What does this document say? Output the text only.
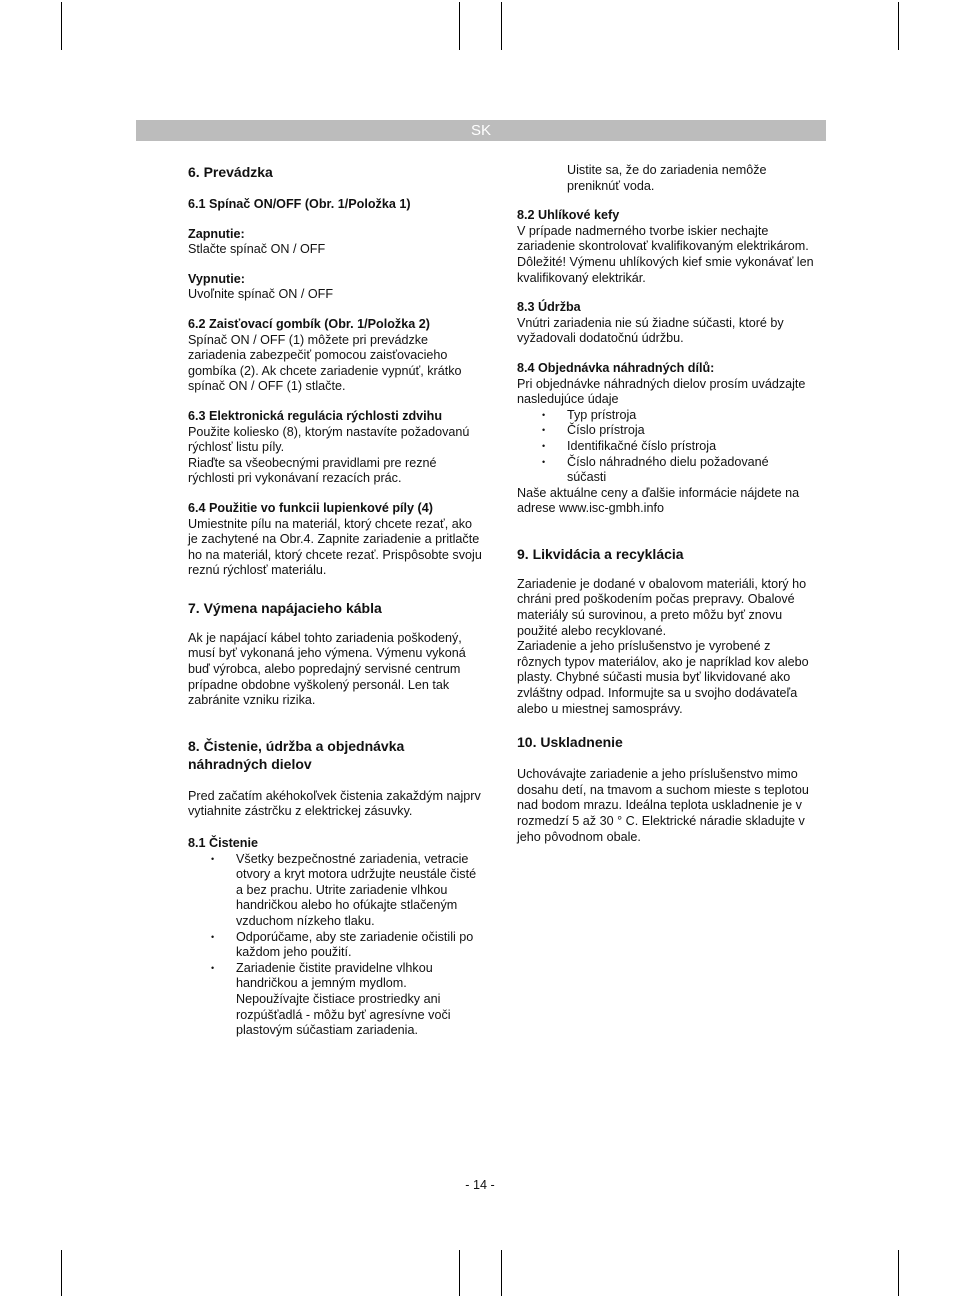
SK

6. Prevádzka

6.1 Spínač ON/OFF (Obr. 1/Položka 1)

Zapnutie:

Stlačte spínač ON / OFF

Vypnutie:

Uvoľnite spínač ON / OFF

6.2 Zaisťovací gombík (Obr. 1/Položka 2)

Spínač ON / OFF (1) môžete pri prevádzke zariadenia zabezpečiť pomocou zaisťovacieho gombíka (2). Ak chcete zariadenie vypnúť, krátko spínač ON / OFF (1) stlačte.

6.3 Elektronická regulácia rýchlosti zdvihu

Použite koliesko (8), ktorým nastavíte požadovanú rýchlosť listu píly.

Riaďte sa všeobecnými pravidlami pre rezné rýchlosti pri vykonávaní rezacích prác.

6.4 Použitie vo funkcii lupienkové píly (4)

Umiestnite pílu na materiál, ktorý chcete rezať, ako je zachytené na Obr.4. Zapnite zariadenie a pritlačte ho na materiál, ktorý chcete rezať. Prispôsobte svoju reznú rýchlosť materiálu.

7. Výmena napájacieho kábla

Ak je napájací kábel tohto zariadenia poškodený, musí byť vykonaná jeho výmena. Výmenu vykoná buď výrobca, alebo popredajný servisné centrum prípadne obdobne vyškolený personál. Len tak zabránite vzniku rizika.

8. Čistenie, údržba a objednávka

náhradných dielov

Pred začatím akéhokoľvek čistenia zakaždým najprv vytiahnite zástrčku z elektrickej zásuvky.

8.1 Čistenie

• Všetky bezpečnostné zariadenia, vetracie otvory a kryt motora udržujte neustále čisté a bez prachu. Utrite zariadenie vlhkou handričkou alebo ho ofúkajte stlačeným vzduchom nízkeho tlaku.
• Odporúčame, aby ste zariadenie očistili po každom jeho použití.
• Zariadenie čistite pravidelne vlhkou handričkou a jemným mydlom. Nepoužívajte čistiace prostriedky ani rozpúšťadlá - môžu byť agresívne voči plastovým súčastiam zariadenia.

Uistite sa, že do zariadenia nemôže preniknúť voda.

8.2 Uhlíkové kefy

V prípade nadmerného tvorbe iskier nechajte zariadenie skontrolovať kvalifikovaným elektrikárom. Dôležité! Výmenu uhlíkových kief smie vykonávať len kvalifikovaný elektrikár.

8.3 Údržba

Vnútri zariadenia nie sú žiadne súčasti, ktoré by vyžadovali dodatočnú údržbu.

8.4 Objednávka náhradných dílů:

Pri objednávke náhradných dielov prosím uvádzajte nasledujúce údaje

• Typ prístroja
• Číslo prístroja
• Identifikačné číslo prístroja
• Číslo náhradného dielu požadované súčasti

Naše aktuálne ceny a ďalšie informácie nájdete na adrese www.isc-gmbh.info

9. Likvidácia a recyklácia

Zariadenie je dodané v obalovom materiáli, ktorý ho chráni pred poškodením počas prepravy. Obalové materiály sú surovinou, a preto môžu byť znovu použité alebo recyklované.

Zariadenie a jeho príslušenstvo je vyrobené z rôznych typov materiálov, ako je napríklad kov alebo plasty. Chybné súčasti musia byť likvidované ako zvláštny odpad. Informujte sa u svojho dodávateľa alebo u miestnej samosprávy.

10. Uskladnenie

Uchovávajte zariadenie a jeho príslušenstvo mimo dosahu detí, na tmavom a suchom mieste s teplotou nad bodom mrazu. Ideálna teplota uskladnenie je v rozmedzí 5 až 30 ° C. Elektrické náradie skladujte v jeho pôvodnom obale.

- 14 -
